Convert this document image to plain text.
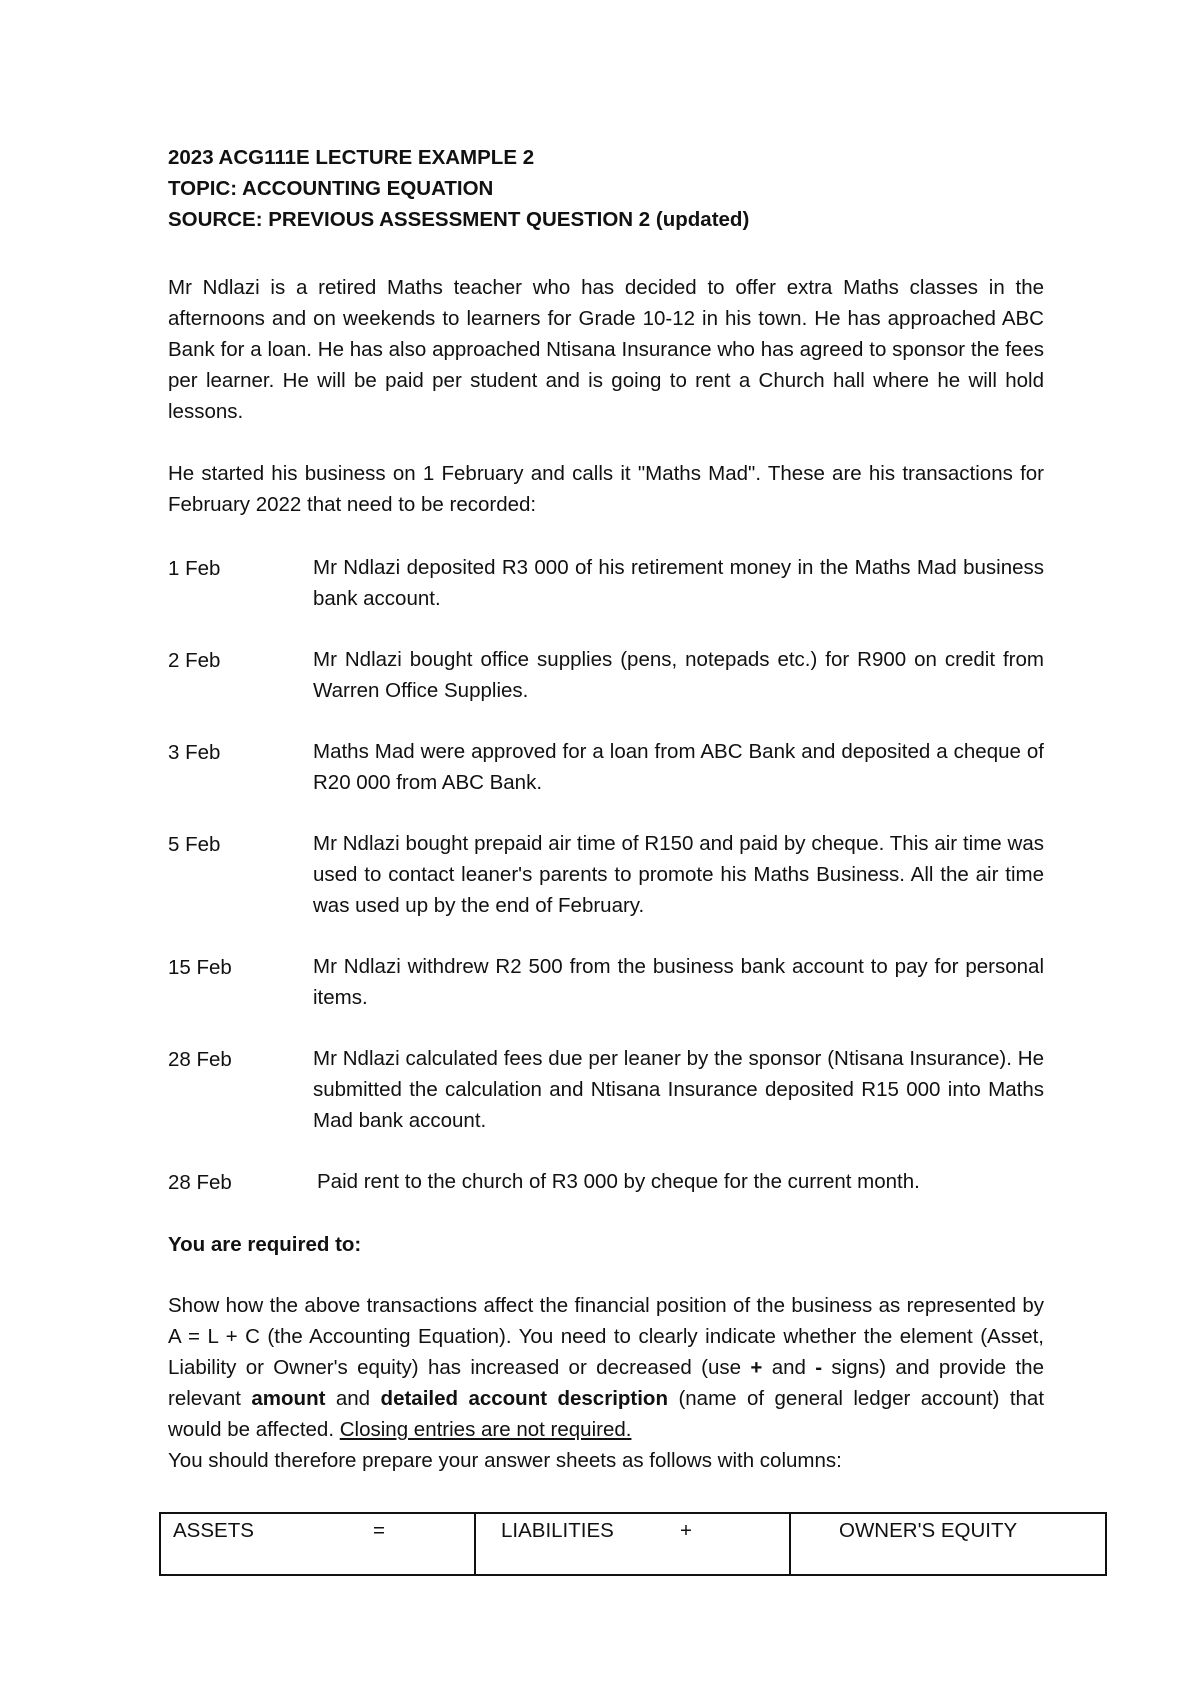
2023 ACG111E LECTURE EXAMPLE 2
TOPIC: ACCOUNTING EQUATION
SOURCE: PREVIOUS ASSESSMENT QUESTION 2 (updated)
Mr Ndlazi is a retired Maths teacher who has decided to offer extra Maths classes in the afternoons and on weekends to learners for Grade 10-12 in his town. He has approached ABC Bank for a loan. He has also approached Ntisana Insurance who has agreed to sponsor the fees per learner. He will be paid per student and is going to rent a Church hall where he will hold lessons.
He started his business on 1 February and calls it "Maths Mad". These are his transactions for February 2022 that need to be recorded:
1 Feb	Mr Ndlazi deposited R3 000 of his retirement money in the Maths Mad business bank account.
2 Feb	Mr Ndlazi bought office supplies (pens, notepads etc.) for R900 on credit from Warren Office Supplies.
3 Feb	Maths Mad were approved for a loan from ABC Bank and deposited a cheque of R20 000 from ABC Bank.
5 Feb	Mr Ndlazi bought prepaid air time of R150 and paid by cheque. This air time was used to contact leaner's parents to promote his Maths Business. All the air time was used up by the end of February.
15 Feb	Mr Ndlazi withdrew R2 500 from the business bank account to pay for personal items.
28 Feb	Mr Ndlazi calculated fees due per leaner by the sponsor (Ntisana Insurance). He submitted the calculation and Ntisana Insurance deposited R15 000 into Maths Mad bank account.
28 Feb	Paid rent to the church of R3 000 by cheque for the current month.
You are required to:
Show how the above transactions affect the financial position of the business as represented by A = L + C (the Accounting Equation). You need to clearly indicate whether the element (Asset, Liability or Owner's equity) has increased or decreased (use + and - signs) and provide the relevant amount and detailed account description (name of general ledger account) that would be affected. Closing entries are not required.
You should therefore prepare your answer sheets as follows with columns:
ASSETS	=	LIABILITIES	+	OWNER'S EQUITY
